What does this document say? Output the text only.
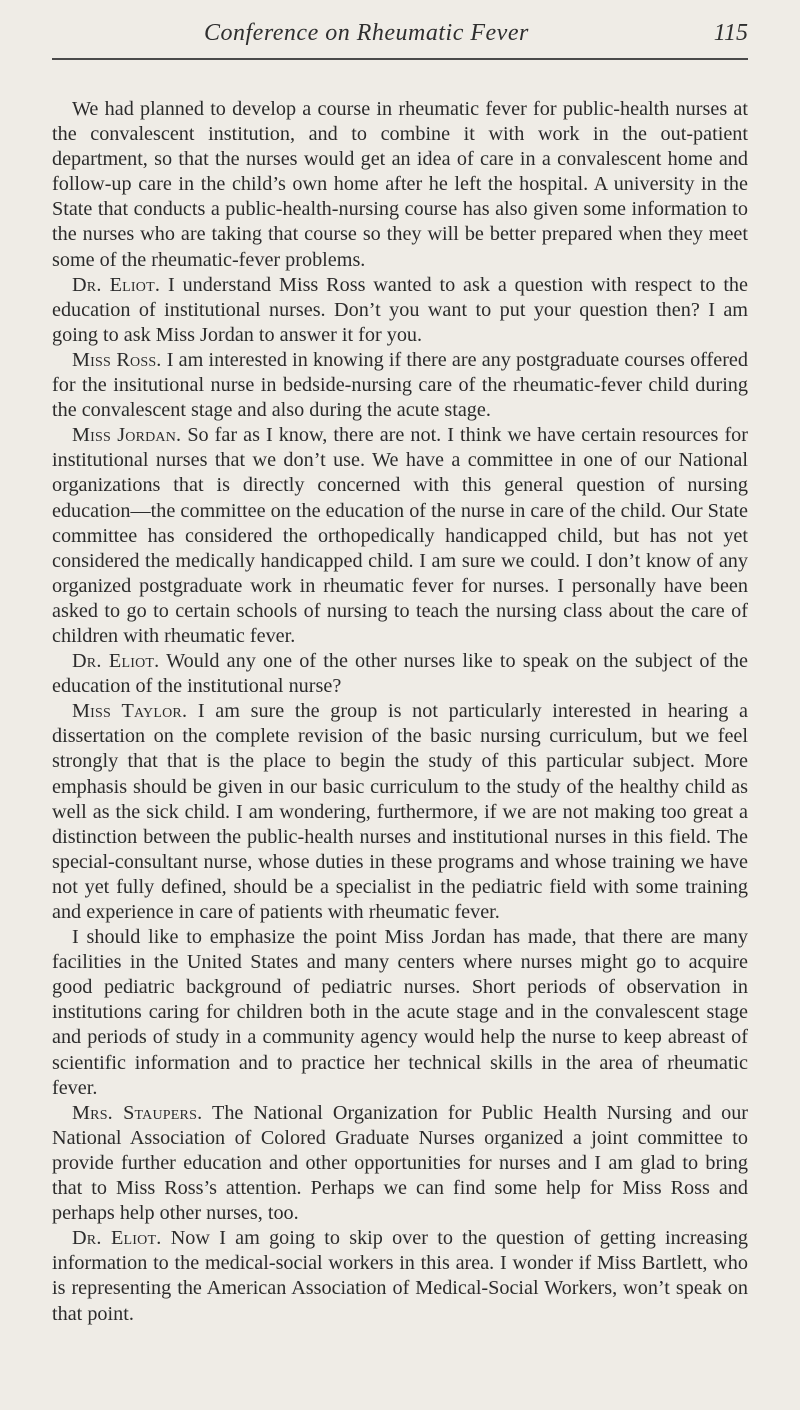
Conference on Rheumatic Fever	115

We had planned to develop a course in rheumatic fever for public-health nurses at the convalescent institution, and to combine it with work in the out-patient department, so that the nurses would get an idea of care in a convalescent home and follow-up care in the child’s own home after he left the hospital. A university in the State that conducts a public-health-nursing course has also given some information to the nurses who are taking that course so they will be better prepared when they meet some of the rheumatic-fever problems.

Dr. Eliot. I understand Miss Ross wanted to ask a question with respect to the education of institutional nurses. Don’t you want to put your question then? I am going to ask Miss Jordan to answer it for you.

Miss Ross. I am interested in knowing if there are any postgraduate courses offered for the insitutional nurse in bedside-nursing care of the rheumatic-fever child during the convalescent stage and also during the acute stage.

Miss Jordan. So far as I know, there are not. I think we have certain resources for institutional nurses that we don’t use. We have a committee in one of our National organizations that is directly concerned with this general question of nursing education—the committee on the education of the nurse in care of the child. Our State committee has considered the orthopedically handicapped child, but has not yet considered the medically handicapped child. I am sure we could. I don’t know of any organized postgraduate work in rheumatic fever for nurses. I personally have been asked to go to certain schools of nursing to teach the nursing class about the care of children with rheumatic fever.

Dr. Eliot. Would any one of the other nurses like to speak on the subject of the education of the institutional nurse?

Miss Taylor. I am sure the group is not particularly interested in hearing a dissertation on the complete revision of the basic nursing curriculum, but we feel strongly that that is the place to begin the study of this particular subject. More emphasis should be given in our basic curriculum to the study of the healthy child as well as the sick child. I am wondering, furthermore, if we are not making too great a distinction between the public-health nurses and institutional nurses in this field. The special-consultant nurse, whose duties in these programs and whose training we have not yet fully defined, should be a specialist in the pediatric field with some training and experience in care of patients with rheumatic fever.

I should like to emphasize the point Miss Jordan has made, that there are many facilities in the United States and many centers where nurses might go to acquire good pediatric background of pediatric nurses. Short periods of observation in institutions caring for children both in the acute stage and in the convalescent stage and periods of study in a community agency would help the nurse to keep abreast of scientific information and to practice her technical skills in the area of rheumatic fever.

Mrs. Staupers. The National Organization for Public Health Nursing and our National Association of Colored Graduate Nurses organized a joint committee to provide further education and other opportunities for nurses and I am glad to bring that to Miss Ross’s attention. Perhaps we can find some help for Miss Ross and perhaps help other nurses, too.

Dr. Eliot. Now I am going to skip over to the question of getting increasing information to the medical-social workers in this area. I wonder if Miss Bartlett, who is representing the American Association of Medical-Social Workers, won’t speak on that point.
